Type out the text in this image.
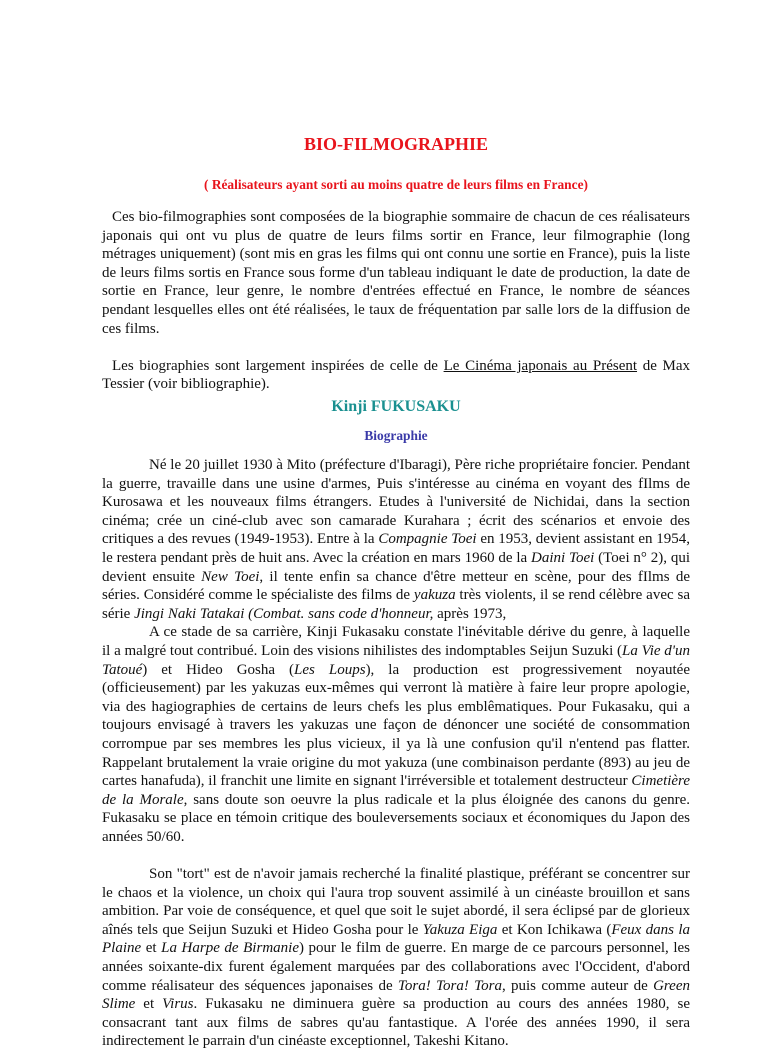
BIO-FILMOGRAPHIE
( Réalisateurs ayant sorti au moins quatre de leurs films en France)

Ces bio-filmographies sont composées de la biographie sommaire de chacun de ces réalisateurs japonais qui ont vu plus de quatre de leurs films sortir en France, leur filmographie (long métrages uniquement) (sont mis en gras les films qui ont connu une sortie en France), puis la liste de leurs films sortis en France sous forme d'un tableau indiquant le date de production, la date de sortie en France, leur genre, le nombre d'entrées effectué en France, le nombre de séances pendant lesquelles elles ont été réalisées, le taux de fréquentation par salle lors de la diffusion de ces films.

Les biographies sont largement inspirées de celle de Le Cinéma japonais au Présent de Max Tessier (voir bibliographie).

Kinji FUKUSAKU
Biographie

Né le 20 juillet 1930 à Mito (préfecture d'Ibaragi), Père riche propriétaire foncier. Pendant la guerre, travaille dans une usine d'armes, Puis s'intéresse au cinéma en voyant des fIlms de Kurosawa et les nouveaux films étrangers. Etudes à l'université de Nichidai, dans la section cinéma; crée un ciné-club avec son camarade Kurahara ; écrit des scénarios et envoie des critiques a des revues (1949-1953). Entre à la Compagnie Toei en 1953, devient assistant en 1954, le restera pendant près de huit ans. Avec la création en mars 1960 de la Daini Toei (Toei n° 2), qui devient ensuite New Toei, il tente enfin sa chance d'être metteur en scène, pour des fIlms de séries. Considéré comme le spécialiste des films de yakuza très violents, il se rend célèbre avec sa série Jingi Naki Tatakai (Combat. sans code d'honneur, après 1973,

A ce stade de sa carrière, Kinji Fukasaku constate l'inévitable dérive du genre, à laquelle il a malgré tout contribué. Loin des visions nihilistes des indomptables Seijun Suzuki (La Vie d'un Tatoué) et Hideo Gosha (Les Loups), la production est progressivement noyautée (officieusement) par les yakuzas eux-mêmes qui verront là matière à faire leur propre apologie, via des hagiographies de certains de leurs chefs les plus emblêmatiques. Pour Fukasaku, qui a toujours envisagé à travers les yakuzas une façon de dénoncer une société de consommation corrompue par ses membres les plus vicieux, il ya là une confusion qu'il n'entend pas flatter. Rappelant brutalement la vraie origine du mot yakuza (une combinaison perdante (893) au jeu de cartes hanafuda), il franchit une limite en signant l'irréversible et totalement destructeur Cimetière de la Morale, sans doute son oeuvre la plus radicale et la plus éloignée des canons du genre. Fukasaku se place en témoin critique des bouleversements sociaux et économiques du Japon des années 50/60.

Son "tort" est de n'avoir jamais recherché la finalité plastique, préférant se concentrer sur le chaos et la violence, un choix qui l'aura trop souvent assimilé à un cinéaste brouillon et sans ambition. Par voie de conséquence, et quel que soit le sujet abordé, il sera éclipsé par de glorieux aînés tels que Seijun Suzuki et Hideo Gosha pour le Yakuza Eiga et Kon Ichikawa (Feux dans la Plaine et La Harpe de Birmanie) pour le film de guerre. En marge de ce parcours personnel, les années soixante-dix furent également marquées par des collaborations avec l'Occident, d'abord comme réalisateur des séquences japonaises de Tora! Tora! Tora, puis comme auteur de Green Slime et Virus. Fukasaku ne diminuera guère sa production au cours des années 1980, se consacrant tant aux films de sabres qu'au fantastique. A l'orée des années 1990, il sera indirectement le parrain d'un cinéaste exceptionnel, Takeshi Kitano.
